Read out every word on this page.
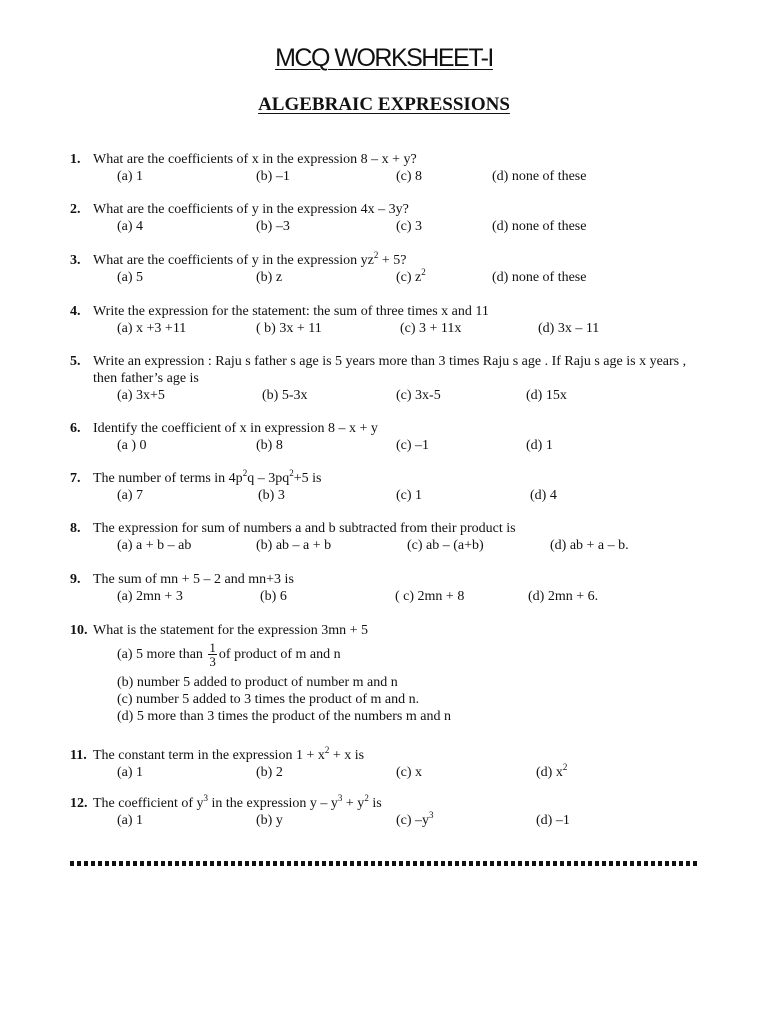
MCQ WORKSHEET-I
ALGEBRAIC EXPRESSIONS
1. What are the coefficients of x in the expression 8 – x + y?
(a) 1	(b) –1	(c) 8	(d) none of these
2. What are the coefficients of y in the expression 4x – 3y?
(a) 4	(b) –3	(c) 3	(d) none of these
3. What are the coefficients of y in the expression $yz^2 + 5$?
(a) 5	(b) z	(c) $z^2$	(d) none of these
4. Write the expression for the statement: the sum of three times x and 11
(a) x +3 +11	( b) 3x + 11	(c) 3 + 11x	(d) 3x – 11
5. Write an expression : Raju s father s age is 5 years more than 3 times Raju s age . If Raju s age is x years , then father’s age is
(a) 3x+5	(b) 5-3x	(c) 3x-5	(d) 15x
6. Identify the coefficient of x in expression 8 – x + y
(a ) 0	(b) 8	(c) –1	(d) 1
7. The number of terms in $4p^2q - 3pq^2+5$ is
(a) 7	(b) 3	(c) 1	(d) 4
8. The expression for sum of numbers a and b subtracted from their product is
(a) a + b – ab	(b) ab – a + b	(c) ab – (a+b)	(d) ab + a – b.
9. The sum of mn + 5 – 2 and mn+3 is
(a) 2mn + 3	(b) 6	( c) 2mn + 8	(d) 2mn + 6.
10. What is the statement for the expression 3mn + 5
(a) 5 more than $\frac{1}{3}$ of product of m and n
(b) number 5 added to product of number m and n
(c) number 5 added to 3 times the product of m and n.
(d) 5 more than 3 times the product of the numbers m and n
11. The constant term in the expression $1 + x^2 + x$ is
(a) 1	(b) 2	(c) x	(d) $x^2$
12. The coefficient of $y^3$ in the expression $y - y^3 + y^2$ is
(a) 1	(b) y	(c) $-y^3$	(d) –1
